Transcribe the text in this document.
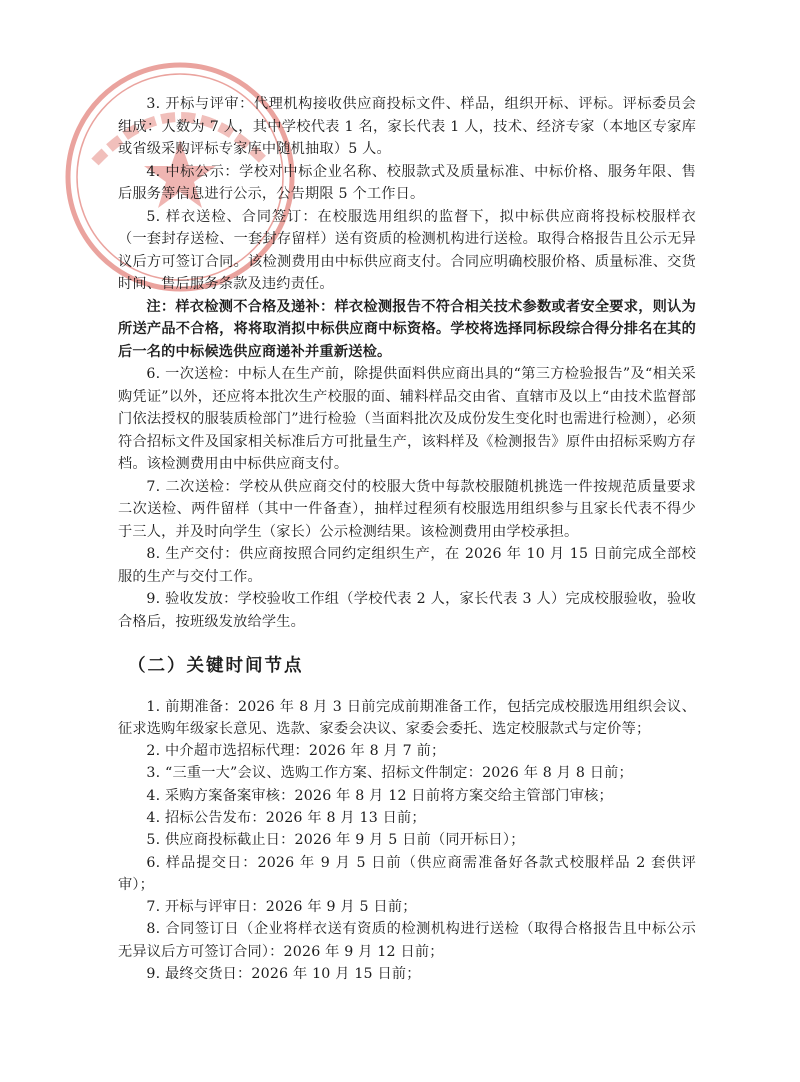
3. 开标与评审：代理机构接收供应商投标文件、样品，组织开标、评标。评标委员会组成：人数为 7 人，其中学校代表 1 名，家长代表 1 人，技术、经济专家（本地区专家库或省级采购评标专家库中随机抽取）5 人。

4. 中标公示：学校对中标企业名称、校服款式及质量标准、中标价格、服务年限、售后服务等信息进行公示，公告期限 5 个工作日。

5. 样衣送检、合同签订：在校服选用组织的监督下，拟中标供应商将投标校服样衣（一套封存送检、一套封存留样）送有资质的检测机构进行送检。取得合格报告且公示无异议后方可签订合同。该检测费用由中标供应商支付。合同应明确校服价格、质量标准、交货时间、售后服务条款及违约责任。

注：样衣检测不合格及递补：样衣检测报告不符合相关技术参数或者安全要求，则认为所送产品不合格，将将取消拟中标供应商中标资格。学校将选择同标段综合得分排名在其的后一名的中标候选供应商递补并重新送检。

6. 一次送检：中标人在生产前，除提供面料供应商出具的“第三方检验报告”及“相关采购凭证”以外，还应将本批次生产校服的面、辅料样品交由省、直辖市及以上“由技术监督部门依法授权的服装质检部门”进行检验（当面料批次及成份发生变化时也需进行检测），必须符合招标文件及国家相关标准后方可批量生产，该料样及《检测报告》原件由招标采购方存档。该检测费用由中标供应商支付。

7. 二次送检：学校从供应商交付的校服大货中每款校服随机挑选一件按规范质量要求二次送检、两件留样（其中一件备查），抽样过程须有校服选用组织参与且家长代表不得少于三人，并及时向学生（家长）公示检测结果。该检测费用由学校承担。

8. 生产交付：供应商按照合同约定组织生产，在 2026 年 10 月 15 日前完成全部校服的生产与交付工作。

9. 验收发放：学校验收工作组（学校代表 2 人，家长代表 3 人）完成校服验收，验收合格后，按班级发放给学生。

（二）关键时间节点

1. 前期准备：2026 年 8 月 3 日前完成前期准备工作，包括完成校服选用组织会议、征求选购年级家长意见、选款、家委会决议、家委会委托、选定校服款式与定价等；

2. 中介超市选招标代理：2026 年 8 月 7 前；

3. “三重一大”会议、选购工作方案、招标文件制定：2026 年 8 月 8 日前；

4. 采购方案备案审核：2026 年 8 月 12 日前将方案交给主管部门审核；

4. 招标公告发布：2026 年 8 月 13 日前；

5. 供应商投标截止日：2026 年 9 月 5 日前（同开标日）；

6. 样品提交日：2026 年 9 月 5 日前（供应商需准备好各款式校服样品 2 套供评审）；

7. 开标与评审日：2026 年 9 月 5 日前；

8. 合同签订日（企业将样衣送有资质的检测机构进行送检（取得合格报告且中标公示无异议后方可签订合同）：2026 年 9 月 12 日前；

9. 最终交货日：2026 年 10 月 15 日前；
